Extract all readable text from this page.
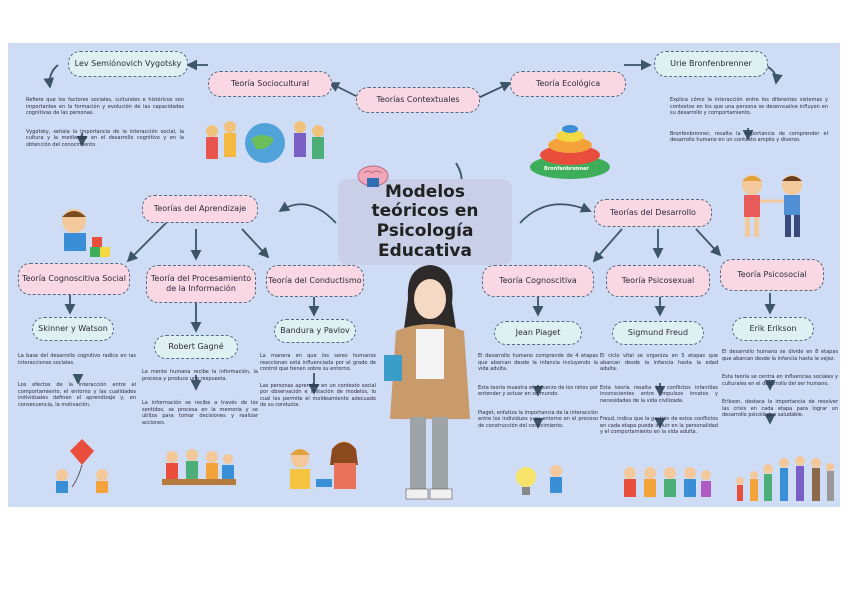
Modelos teóricos en Psicología Educativa
Teorías Contextuales
Teoría Sociocultural
Lev Semiónovich Vygotsky

Refiere que los factores sociales, culturales e históricos son importantes en la formación y evolución de las capacidades cognitivas de las personas.

Vygotsky, señala la importancia de la interacción social, la cultura y la mediación en el desarrollo cognitivo y en la obtención del conocimiento.

Teoría Ecológica
Urie Bronfenbrenner

Explica cómo la interacción entre los diferentes sistemas y contextos en los que una persona se desenvuelve influyen en su desarrollo y comportamiento.

Bronfenbrenner, resalta la importancia de comprender el desarrollo humano en un contexto amplio y diverso.

Bronfenbrenner
Teorías del Aprendizaje
Teoría Cognoscitiva Social
Skinner y Watson

La base del desarrollo cognitivo radica en las interacciones sociales.

Los efectos de la interacción entre el comportamiento, el entorno y las cualidades individuales definen el aprendizaje y, en consecuencia, la motivación.

Teoría del Procesamiento de la Información
Robert Gagné

La mente humana recibe la información, la procesa y produce una respuesta.

La información se recibe a través de los sentidos, se procesa en la memoria y se utiliza para tomar decisiones y realizar acciones.

Teoría del Conductismo
Bandura y Pavlov

La manera en que los seres humanos reaccionan está influenciada por el grado de control que tienen sobre su entorno.

Las personas aprenden en un contexto social por observación e imitación de modelos, lo cual les permite el moldeamiento adecuado de su conducta.

Teorías del Desarrollo
Teoría Cognoscitiva
Jean Piaget

El desarrollo humano comprende de 4 etapas que abarcan desde la infancia incluyendo la vida adulta.

Esta teoría muestra el esfuerzo de los niños por entender y actuar en su mundo.

Piaget, enfatiza la importancia de la interacción entre los individuos y su entorno en el proceso de construcción del conocimiento.

Teoría Psicosexual
Sigmund Freud

El ciclo vital se organiza en 5 etapas que abarcan desde la infancia hasta la edad adulta.

Esta teoría resalta los conflictos infantiles inconscientes entre impulsos innatos y necesidades de la vida civilizada.

Freud, indica que la gestión de estos conflictos en cada etapa puede influir en la personalidad y el comportamiento en la vida adulta.

Teoría Psicosocial
Erik Erikson

El desarrollo humano se divide en 8 etapas que abarcan desde la infancia hasta la vejez.

Esta teoría se centra en influencias sociales y culturales en el desarrollo del ser humano.

Erikson, destaca la importancia de resolver las crisis en cada etapa para lograr un desarrollo psicológico saludable.
